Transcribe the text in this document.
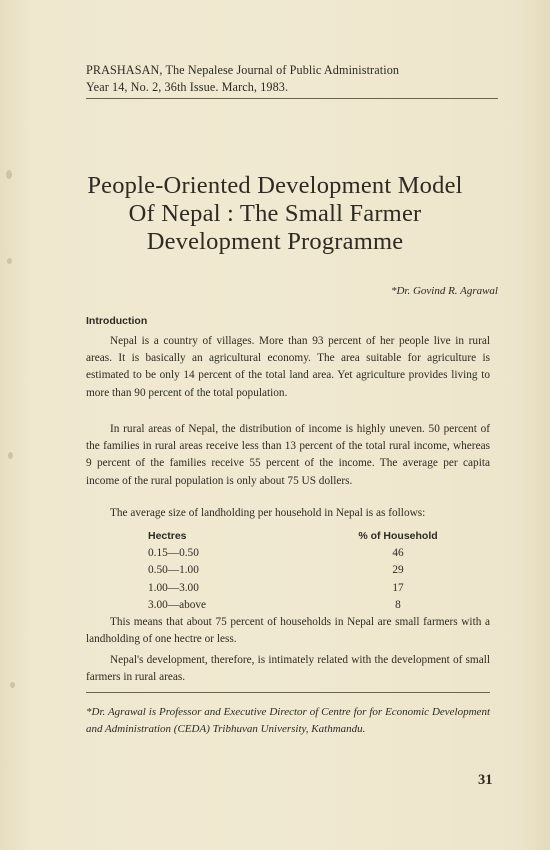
PRASHASAN, The Nepalese Journal of Public Administration
Year 14, No. 2, 36th Issue. March, 1983.
People-Oriented Development Model
Of Nepal : The Small Farmer
Development Programme
*Dr. Govind R. Agrawal
Introduction

Nepal is a country of villages. More than 93 percent of her people live in rural areas. It is basically an agricultural economy. The area suitable for agriculture is estimated to be only 14 percent of the total land area. Yet agriculture provides living to more than 90 percent of the total population.

In rural areas of Nepal, the distribution of income is highly uneven. 50 percent of the families in rural areas receive less than 13 percent of the total rural income, whereas 9 percent of the families receive 55 percent of the income. The average per capita income of the rural population is only about 75 US dollers.

The average size of landholding per household in Nepal is as follows:

Hectres	% of Household
0.15—0.50	46
0.50—1.00	29
1.00—3.00	17
3.00—above	8

This means that about 75 percent of households in Nepal are small farmers with a landholding of one hectre or less.

Nepal's development, therefore, is intimately related with the development of small farmers in rural areas.

*Dr. Agrawal is Professor and Executive Director of Centre for for Economic Development and Administration (CEDA) Tribhuvan University, Kathmandu.
31
